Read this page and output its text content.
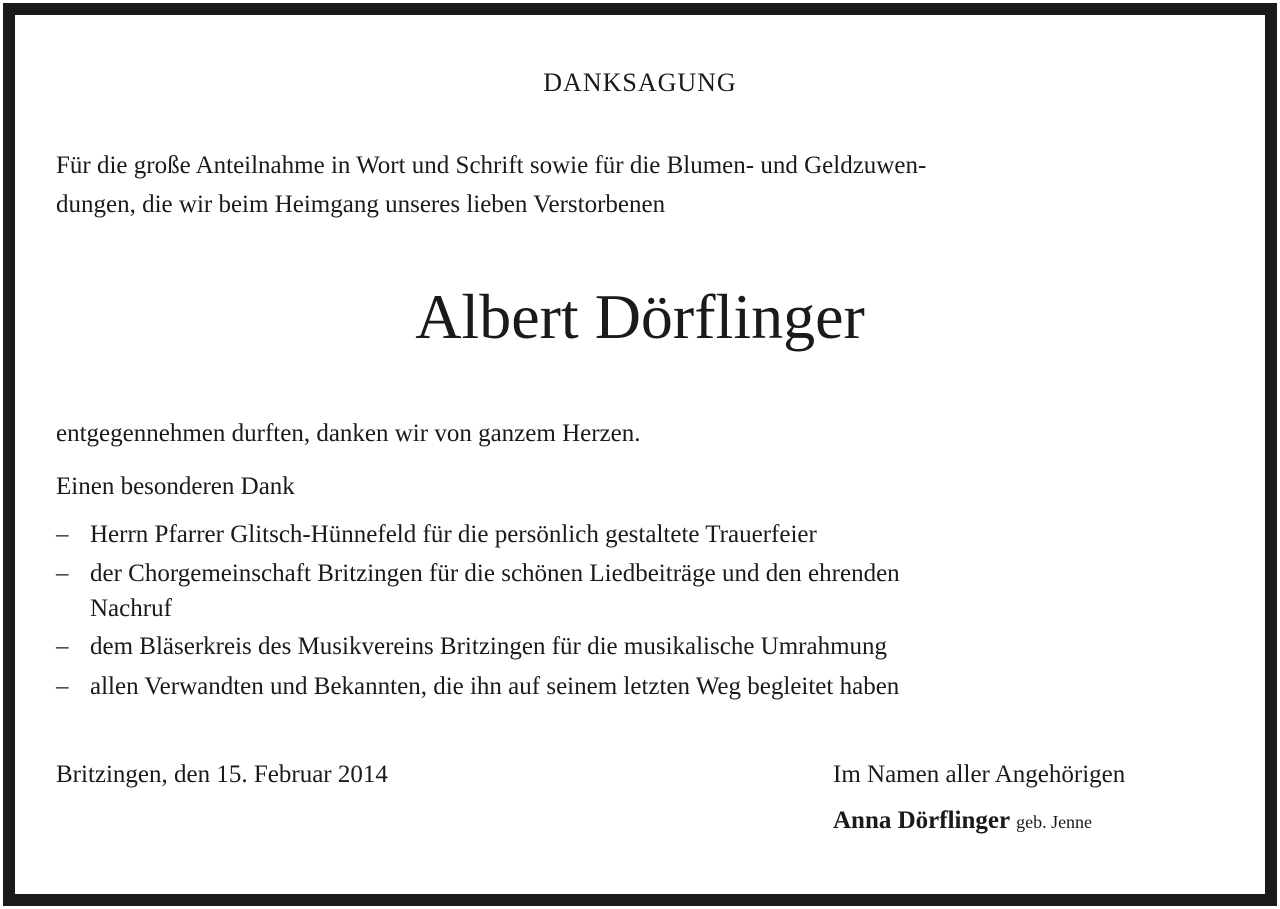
DANKSAGUNG
Für die große Anteilnahme in Wort und Schrift sowie für die Blumen- und Geldzuwen-
dungen, die wir beim Heimgang unseres lieben Verstorbenen
Albert Dörflinger
entgegennehmen durften, danken wir von ganzem Herzen.
Einen besonderen Dank
– Herrn Pfarrer Glitsch-Hünnefeld für die persönlich gestaltete Trauerfeier
– der Chorgemeinschaft Britzingen für die schönen Liedbeiträge und den ehrenden
Nachruf
– dem Bläserkreis des Musikvereins Britzingen für die musikalische Umrahmung
– allen Verwandten und Bekannten, die ihn auf seinem letzten Weg begleitet haben
Britzingen, den 15. Februar 2014	Im Namen aller Angehörigen
Anna Dörflinger geb. Jenne
